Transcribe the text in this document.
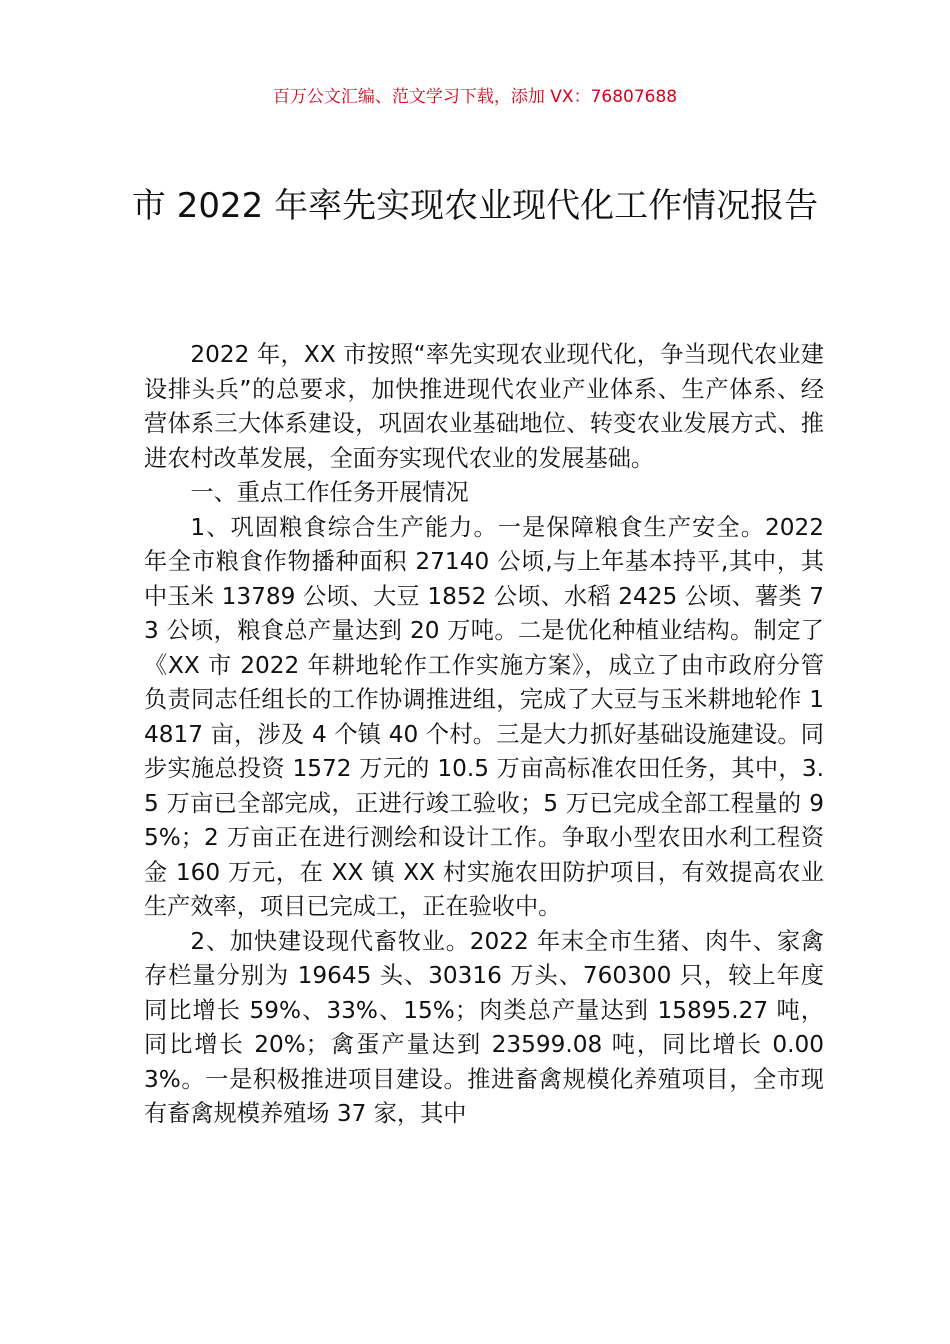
百万公文汇编、范文学习下载，添加 VX：76807688
市 2022 年率先实现农业现代化工作情况报告

2022 年，XX 市按照“率先实现农业现代化，争当现代农业建设排头兵”的总要求，加快推进现代农业产业体系、生产体系、经营体系三大体系建设，巩固农业基础地位、转变农业发展方式、推进农村改革发展，全面夯实现代农业的发展基础。

一、重点工作任务开展情况

1、巩固粮食综合生产能力。一是保障粮食生产安全。2022 年全市粮食作物播种面积 27140 公顷,与上年基本持平,其中，其中玉米 13789 公顷、大豆 1852 公顷、水稻 2425 公顷、薯类 73 公顷，粮食总产量达到 20 万吨。二是优化种植业结构。制定了《XX 市 2022 年耕地轮作工作实施方案》，成立了由市政府分管负责同志任组长的工作协调推进组，完成了大豆与玉米耕地轮作 14817 亩，涉及 4 个镇 40 个村。三是大力抓好基础设施建设。同步实施总投资 1572 万元的 10.5 万亩高标准农田任务，其中，3.5 万亩已全部完成，正进行竣工验收；5 万已完成全部工程量的 95%；2 万亩正在进行测绘和设计工作。争取小型农田水利工程资金 160 万元，在 XX 镇 XX 村实施农田防护项目，有效提高农业生产效率，项目已完成工，正在验收中。

2、加快建设现代畜牧业。2022 年末全市生猪、肉牛、家禽存栏量分别为 19645 头、30316 万头、760300 只，较上年度同比增长 59%、33%、15%；肉类总产量达到 15895.27 吨，同比增长 20%；禽蛋产量达到 23599.08 吨，同比增长 0.003%。一是积极推进项目建设。推进畜禽规模化养殖项目，全市现有畜禽规模养殖场 37 家，其中
